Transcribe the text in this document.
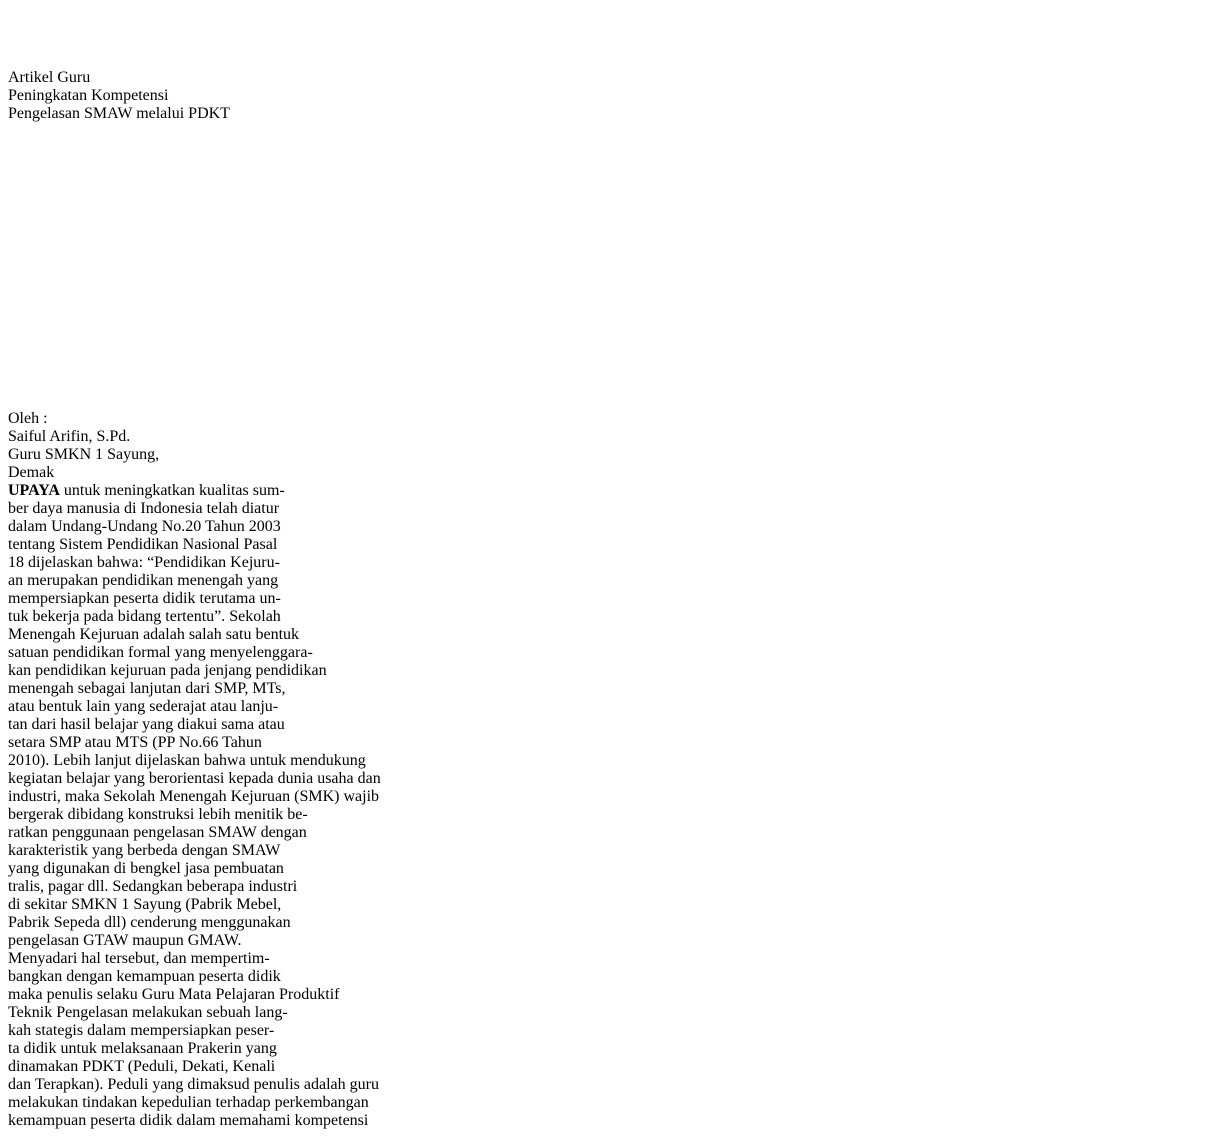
Artikel Guru
Peningkatan Kompetensi
Pengelasan SMAW melalui PDKT
Oleh :
Saiful Arifin, S.Pd.
Guru SMKN 1 Sayung,
Demak
UPAYA untuk meningkatkan kualitas sum-
ber daya manusia di Indonesia telah diatur
dalam Undang-Undang No.20 Tahun 2003
tentang Sistem Pendidikan Nasional Pasal
18 dijelaskan bahwa: “Pendidikan Kejuru-
an merupakan pendidikan menengah yang
mempersiapkan peserta didik terutama un-
tuk bekerja pada bidang tertentu”. Sekolah
Menengah Kejuruan adalah salah satu bentuk
satuan pendidikan formal yang menyelenggara-
kan pendidikan kejuruan pada jenjang pendidikan
menengah sebagai lanjutan dari SMP, MTs,
atau bentuk lain yang sederajat atau lanju-
tan dari hasil belajar yang diakui sama atau
setara SMP atau MTS (PP No.66 Tahun
2010). Lebih lanjut dijelaskan bahwa untuk mendukung
kegiatan belajar yang berorientasi kepada dunia usaha dan
industri, maka Sekolah Menengah Kejuruan (SMK) wajib
bergerak dibidang konstruksi lebih menitik be-
ratkan penggunaan pengelasan SMAW dengan
karakteristik yang berbeda dengan SMAW
yang digunakan di bengkel jasa pembuatan
tralis, pagar dll. Sedangkan beberapa industri
di sekitar SMKN 1 Sayung (Pabrik Mebel,
Pabrik Sepeda dll) cenderung menggunakan
pengelasan GTAW maupun GMAW.
Menyadari hal tersebut, dan mempertim-
bangkan dengan kemampuan peserta didik
maka penulis selaku Guru Mata Pelajaran Produktif
Teknik Pengelasan melakukan sebuah lang-
kah stategis dalam mempersiapkan peser-
ta didik untuk melaksanaan Prakerin yang
dinamakan PDKT (Peduli, Dekati, Kenali
dan Terapkan). Peduli yang dimaksud penulis adalah guru
melakukan tindakan kepedulian terhadap perkembangan
kemampuan peserta didik dalam memahami kompetensi
